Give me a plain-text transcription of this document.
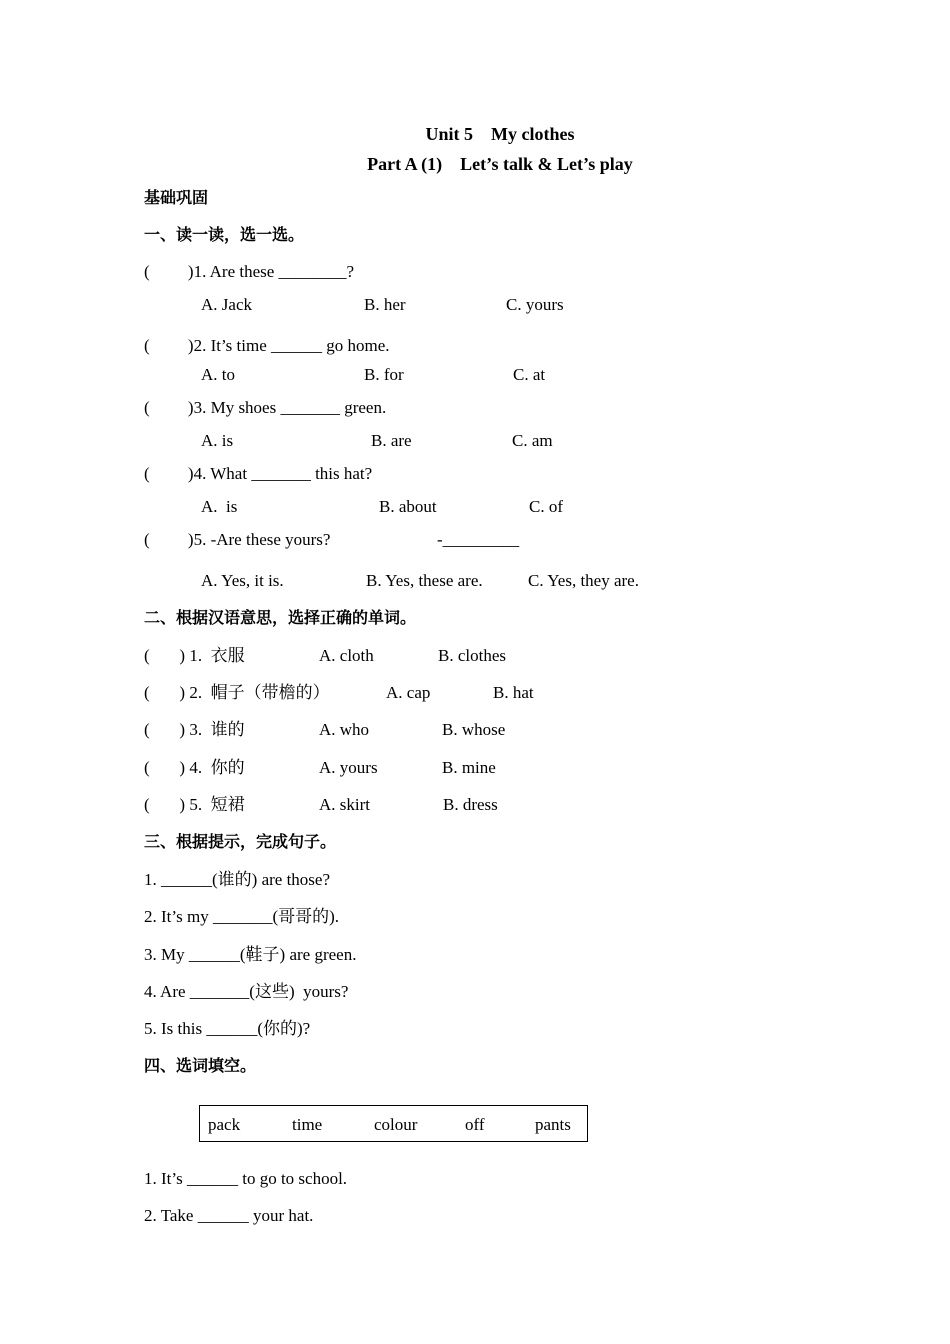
Unit 5    My clothes
Part A (1)    Let’s talk & Let’s play
基础巩固
一、读一读，选一选。
(         )1. Are these ________?
A. Jack	B. her	C. yours
(         )2. It’s time ______ go home.
A. to	B. for	C. at
(         )3. My shoes _______ green.
A. is	B. are	C. am
(         )4. What _______ this hat?
A.  is	B. about	C. of
(         )5. -Are these yours?	-_________
A. Yes, it is.	B. Yes, these are.	C. Yes, they are.
二、根据汉语意思，选择正确的单词。
(       ) 1.  衣服	A. cloth	B. clothes
(       ) 2.  帽子（带檐的）	A. cap	B. hat
(       ) 3.  谁的	A. who	B. whose
(       ) 4.  你的	A. yours	B. mine
(       ) 5.  短裙	A. skirt	B. dress
三、根据提示，完成句子。
1. ______(谁的) are those?
2. It’s my _______(哥哥的).
3. My ______(鞋子) are green.
4. Are _______(这些)  yours?
5. Is this ______(你的)?
四、选词填空。
pack	time	colour	off	pants
1. It’s ______ to go to school.
2. Take ______ your hat.
